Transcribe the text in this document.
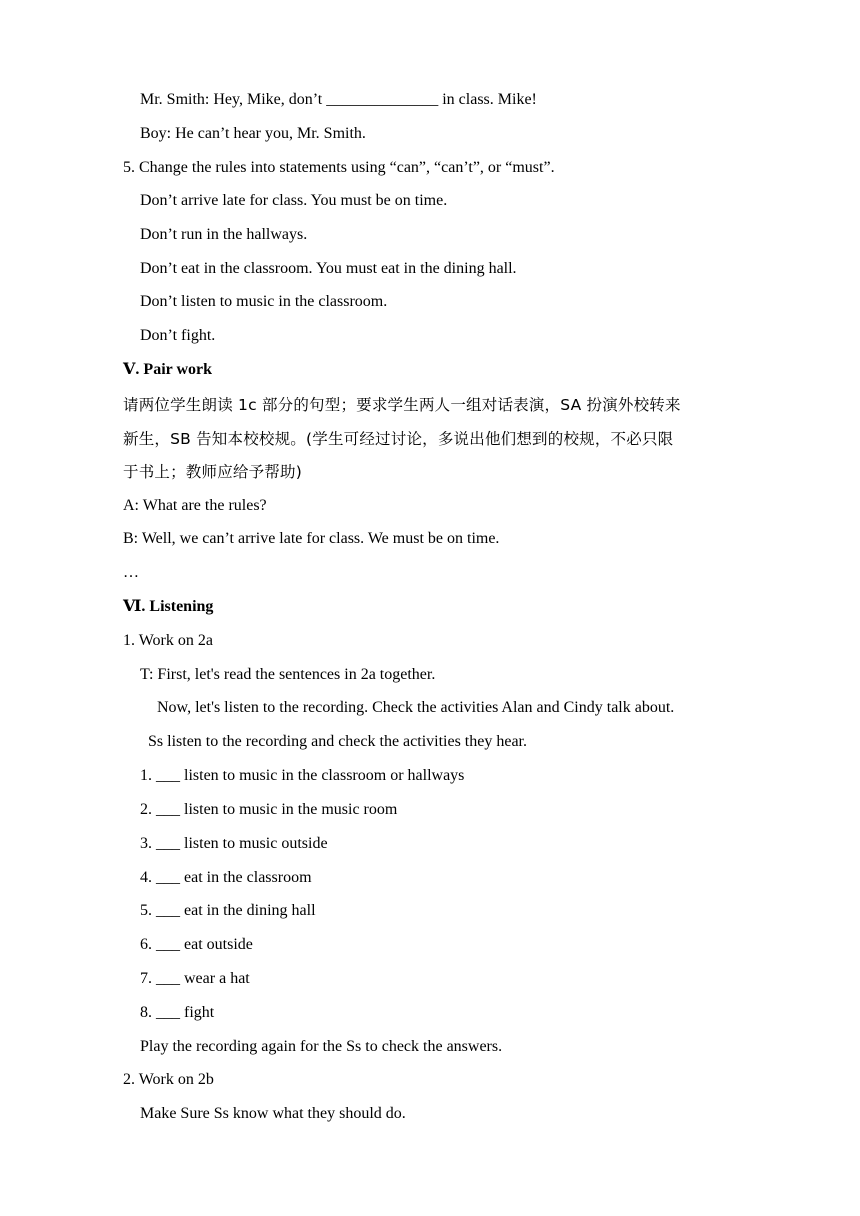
Mr. Smith: Hey, Mike, don’t ______________ in class. Mike!
Boy: He can’t hear you, Mr. Smith.
5. Change the rules into statements using “can”, “can’t”, or “must”.
Don’t arrive late for class. You must be on time.
Don’t run in the hallways.
Don’t eat in the classroom. You must eat in the dining hall.
Don’t listen to music in the classroom.
Don’t fight.
Ⅴ. Pair work
请两位学生朗读 1c 部分的句型；要求学生两人一组对话表演，SA 扮演外校转来
新生，SB 告知本校校规。(学生可经过讨论，多说出他们想到的校规，不必只限
于书上；教师应给予帮助)
A: What are the rules?
B: Well, we can’t arrive late for class. We must be on time.
…
Ⅵ. Listening
1. Work on 2a
T: First, let's read the sentences in 2a together.
Now, let's listen to the recording. Check the activities Alan and Cindy talk about.
Ss listen to the recording and check the activities they hear.
1. ___ listen to music in the classroom or hallways
2. ___ listen to music in the music room
3. ___ listen to music outside
4. ___ eat in the classroom
5. ___ eat in the dining hall
6. ___ eat outside
7. ___ wear a hat
8. ___ fight
Play the recording again for the Ss to check the answers.
2. Work on 2b
Make Sure Ss know what they should do.
